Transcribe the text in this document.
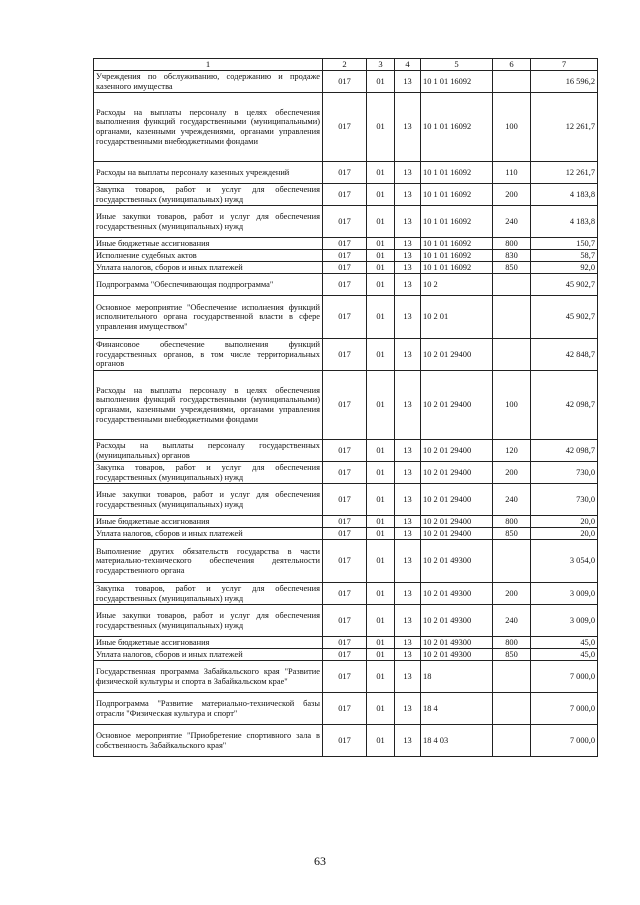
1	2	3	4	5	6	7
Учреждения по обслуживанию, содержанию и продаже казенного имущества	017	01	13	10 1 01 16092		16 596,2
Расходы на выплаты персоналу в целях обеспечения выполнения функций государственными (муниципальными) органами, казенными учреждениями, органами управления государственными внебюджетными фондами	017	01	13	10 1 01 16092	100	12 261,7
Расходы на выплаты персоналу казенных учреждений	017	01	13	10 1 01 16092	110	12 261,7
Закупка товаров, работ и услуг для обеспечения государственных (муниципальных) нужд	017	01	13	10 1 01 16092	200	4 183,8
Иные закупки товаров, работ и услуг для обеспечения государственных (муниципальных) нужд	017	01	13	10 1 01 16092	240	4 183,8
Иные бюджетные ассигнования	017	01	13	10 1 01 16092	800	150,7
Исполнение судебных актов	017	01	13	10 1 01 16092	830	58,7
Уплата налогов, сборов и иных платежей	017	01	13	10 1 01 16092	850	92,0
Подпрограмма "Обеспечивающая подпрограмма"	017	01	13	10 2		45 902,7
Основное мероприятие "Обеспечение исполнения функций исполнительного органа государственной власти в сфере управления имуществом"	017	01	13	10 2 01		45 902,7
Финансовое обеспечение выполнения функций государственных органов, в том числе территориальных органов	017	01	13	10 2 01 29400		42 848,7
Расходы на выплаты персоналу в целях обеспечения выполнения функций государственными (муниципальными) органами, казенными учреждениями, органами управления государственными внебюджетными фондами	017	01	13	10 2 01 29400	100	42 098,7
Расходы на выплаты персоналу государственных (муниципальных) органов	017	01	13	10 2 01 29400	120	42 098,7
Закупка товаров, работ и услуг для обеспечения государственных (муниципальных) нужд	017	01	13	10 2 01 29400	200	730,0
Иные закупки товаров, работ и услуг для обеспечения государственных (муниципальных) нужд	017	01	13	10 2 01 29400	240	730,0
Иные бюджетные ассигнования	017	01	13	10 2 01 29400	800	20,0
Уплата налогов, сборов и иных платежей	017	01	13	10 2 01 29400	850	20,0
Выполнение других обязательств государства в части материально-технического обеспечения деятельности государственного органа	017	01	13	10 2 01 49300		3 054,0
Закупка товаров, работ и услуг для обеспечения государственных (муниципальных) нужд	017	01	13	10 2 01 49300	200	3 009,0
Иные закупки товаров, работ и услуг для обеспечения государственных (муниципальных) нужд	017	01	13	10 2 01 49300	240	3 009,0
Иные бюджетные ассигнования	017	01	13	10 2 01 49300	800	45,0
Уплата налогов, сборов и иных платежей	017	01	13	10 2 01 49300	850	45,0
Государственная программа Забайкальского края "Развитие физической культуры и спорта в Забайкальском крае"	017	01	13	18		7 000,0
Подпрограмма "Развитие материально-технической базы отрасли "Физическая культура и спорт"	017	01	13	18 4		7 000,0
Основное мероприятие "Приобретение спортивного зала в собственность Забайкальского края"	017	01	13	18 4 03		7 000,0
63
